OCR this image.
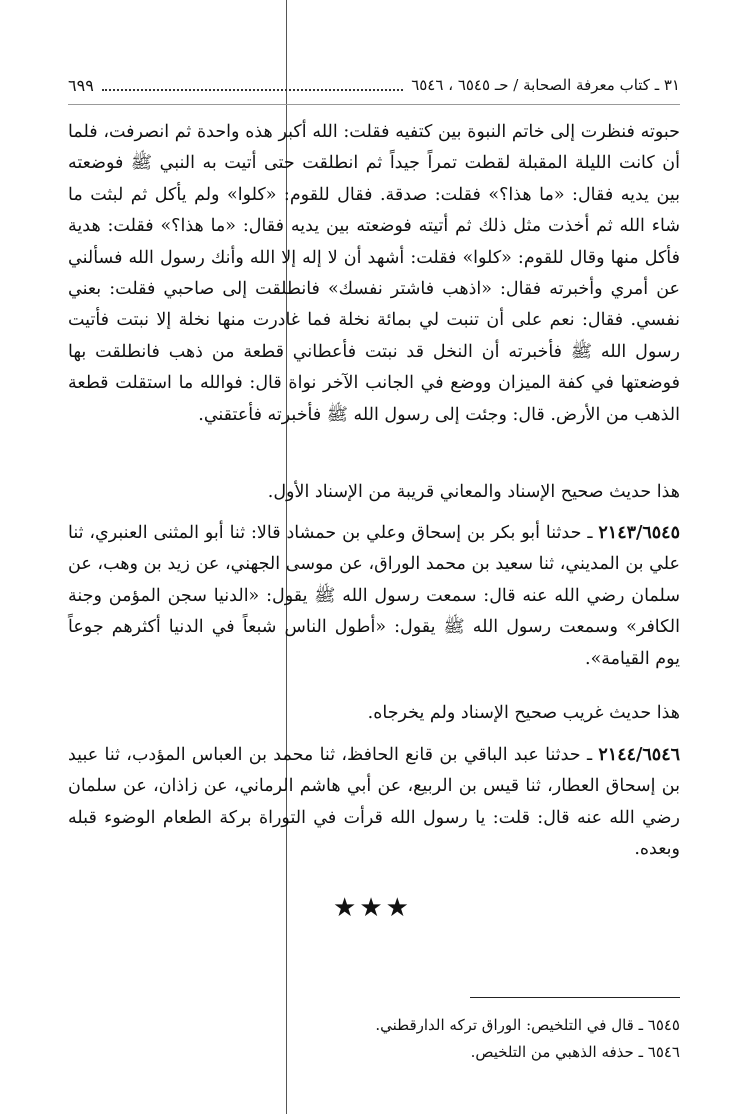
٣١ ـ كتاب معرفة الصحابة / حـ ٦٥٤٥ ، ٦٥٤٦
٦٩٩

حبوته فنظرت إلى خاتم النبوة بين كتفيه فقلت: الله أكبر هذه واحدة ثم انصرفت، فلما أن كانت الليلة المقبلة لقطت تمراً جيداً ثم انطلقت حتى أتيت به النبي ﷺ فوضعته بين يديه فقال: «ما هذا؟» فقلت: صدقة. فقال للقوم: «كلوا» ولم يأكل ثم لبثت ما شاء الله ثم أخذت مثل ذلك ثم أتيته فوضعته بين يديه فقال: «ما هذا؟» فقلت: هدية فأكل منها وقال للقوم: «كلوا» فقلت: أشهد أن لا إله إلا الله وأنك رسول الله فسألني عن أمري وأخبرته فقال: «اذهب فاشتر نفسك» فانطلقت إلى صاحبي فقلت: بعني نفسي. فقال: نعم على أن تنبت لي بمائة نخلة فما غادرت منها نخلة إلا نبتت فأتيت رسول الله ﷺ فأخبرته أن النخل قد نبتت فأعطاني قطعة من ذهب فانطلقت بها فوضعتها في كفة الميزان ووضع في الجانب الآخر نواة قال: فوالله ما استقلت قطعة الذهب من الأرض. قال: وجئت إلى رسول الله ﷺ فأخبرته فأعتقني.

هذا حديث صحيح الإسناد والمعاني قريبة من الإسناد الأول.

٢١٤٣/٦٥٤٥ ـ حدثنا أبو بكر بن إسحاق وعلي بن حمشاد قالا: ثنا أبو المثنى العنبري، ثنا علي بن المديني، ثنا سعيد بن محمد الوراق، عن موسى الجهني، عن زيد بن وهب، عن سلمان رضي الله عنه قال: سمعت رسول الله ﷺ يقول: «الدنيا سجن المؤمن وجنة الكافر» وسمعت رسول الله ﷺ يقول: «أطول الناس شبعاً في الدنيا أكثرهم جوعاً يوم القيامة».

هذا حديث غريب صحيح الإسناد ولم يخرجاه.

٢١٤٤/٦٥٤٦ ـ حدثنا عبد الباقي بن قانع الحافظ، ثنا محمد بن العباس المؤدب، ثنا عبيد بن إسحاق العطار، ثنا قيس بن الربيع، عن أبي هاشم الرماني، عن زاذان، عن سلمان رضي الله عنه قال: قلت: يا رسول الله قرأت في التوراة بركة الطعام الوضوء قبله وبعده.

★★★

٦٥٤٥ ـ قال في التلخيص: الوراق تركه الدارقطني.

٦٥٤٦ ـ حذفه الذهبي من التلخيص.
